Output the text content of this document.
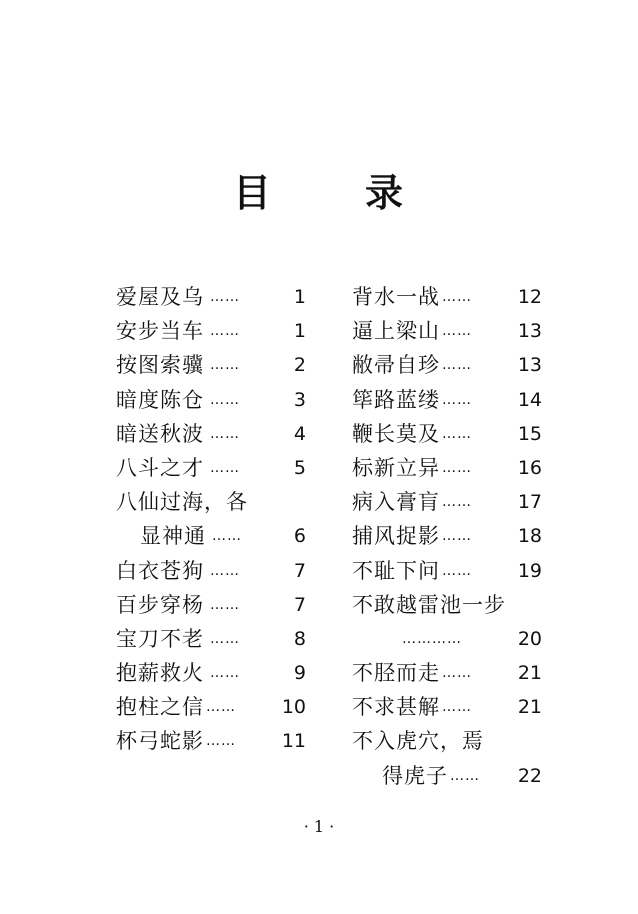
目 录
爱屋及乌 ……	1
安步当车 ……	1
按图索骥 ……	2
暗度陈仓 ……	3
暗送秋波 ……	4
八斗之才 ……	5
八仙过海，各
显神通 ……	6
白衣苍狗 ……	7
百步穿杨 ……	7
宝刀不老 ……	8
抱薪救火 ……	9
抱柱之信 …… 10
杯弓蛇影 …… 11
背水一战 …… 12
逼上梁山 …… 13
敝帚自珍 …… 13
筚路蓝缕 …… 14
鞭长莫及 …… 15
标新立异 …… 16
病入膏肓 …… 17
捕风捉影 …… 18
不耻下问 …… 19
不敢越雷池一步
…………	20
不胫而走 …… 21
不求甚解 …… 21
不入虎穴，焉
得虎子 …… 22
· 1 ·
